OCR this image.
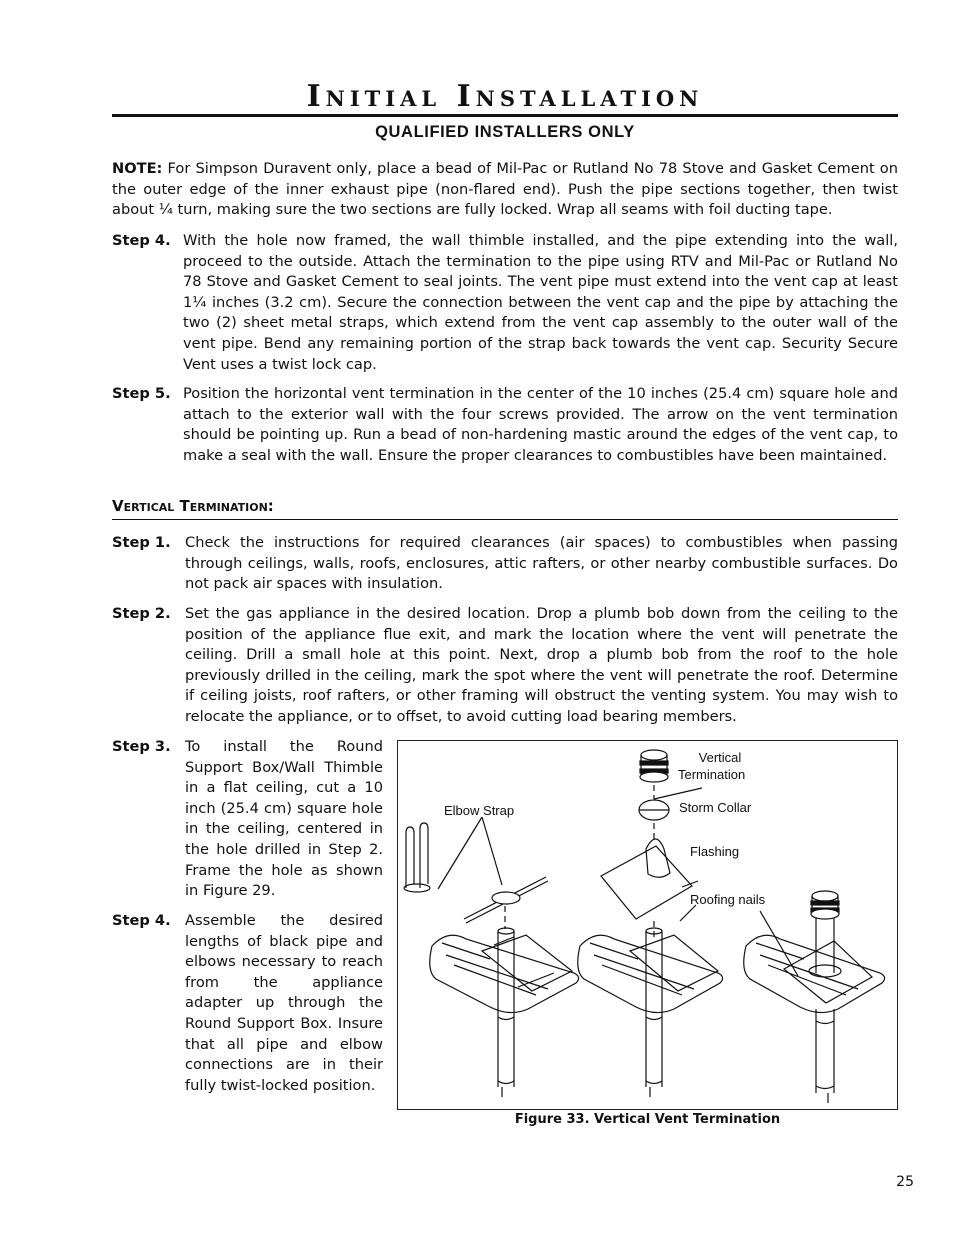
Initial Installation
QUALIFIED INSTALLERS ONLY
NOTE: For Simpson Duravent only, place a bead of Mil-Pac or Rutland No 78 Stove and Gasket Cement on the outer edge of the inner exhaust pipe (non-flared end). Push the pipe sections together, then twist about ¼ turn, making sure the two sections are fully locked. Wrap all seams with foil ducting tape.
Step 4. With the hole now framed, the wall thimble installed, and the pipe extending into the wall, proceed to the outside. Attach the termination to the pipe using RTV and Mil-Pac or Rutland No 78 Stove and Gasket Cement to seal joints. The vent pipe must extend into the vent cap at least 1¼ inches (3.2 cm). Secure the connection between the vent cap and the pipe by attaching the two (2) sheet metal straps, which extend from the vent cap assembly to the outer wall of the vent pipe. Bend any remaining portion of the strap back towards the vent cap. Security Secure Vent uses a twist lock cap.
Step 5. Position the horizontal vent termination in the center of the 10 inches (25.4 cm) square hole and attach to the exterior wall with the four screws provided. The arrow on the vent termination should be pointing up. Run a bead of non-hardening mastic around the edges of the vent cap, to make a seal with the wall. Ensure the proper clearances to combustibles have been maintained.
Vertical Termination:
Step 1. Check the instructions for required clearances (air spaces) to combustibles when passing through ceilings, walls, roofs, enclosures, attic rafters, or other nearby combustible surfaces. Do not pack air spaces with insulation.
Step 2. Set the gas appliance in the desired location. Drop a plumb bob down from the ceiling to the position of the appliance flue exit, and mark the location where the vent will penetrate the ceiling. Drill a small hole at this point. Next, drop a plumb bob from the roof to the hole previously drilled in the ceiling, mark the spot where the vent will penetrate the roof. Determine if ceiling joists, roof rafters, or other framing will obstruct the venting system. You may wish to relocate the appliance, or to offset, to avoid cutting load bearing members.
Step 3. To install the Round Support Box/Wall Thimble in a flat ceiling, cut a 10 inch (25.4 cm) square hole in the ceiling, centered in the hole drilled in Step 2. Frame the hole as shown in Figure 29.
Step 4. Assemble the desired lengths of black pipe and elbows necessary to reach from the appliance adapter up through the Round Support Box. Insure that all pipe and elbow connections are in their fully twist-locked position.
Vertical
Termination
Storm Collar
Elbow Strap
Flashing
Roofing nails
Figure 33. Vertical Vent Termination
25
